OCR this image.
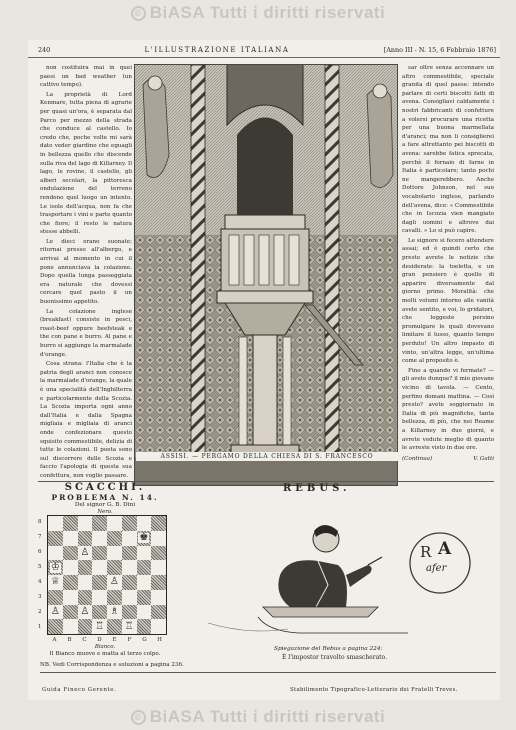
© BiASA Tutti i diritti riservati
240	L'ILLUSTRAZIONE ITALIANA	[Anno III - N. 15, 6 Febbraio 1876]

non costituira mai in quei paesi un bad weather (un cattivo tempo).

La proprietà di Lord Kenmare, tutta piena di agrarie per quasi un'ora, è separata dal Parco per mezzo della strada che conduce al castello. Io credo che, poche volte mi sarà dato veder giardino che eguagli in bellezza quello che discende sulla riva del lago di Killarney. Il lago, le rovine, il castello, gli alberi secolari, la pittoresca ondulazione del terreno rendono quel luogo un intento. Le isole dell'acqua, non fa che trasportare i vini e parte quanto che fiore; il resto le natura stesse abbelli.

Le dieci erano suonate; ritornai presso all'albergo, e arrivai al momento in cui il pone annunciava la colazione. Dopo quella lunga passeggiata era naturale che dovessi cercare quel pasto il un buonissimo appetito.

La colazione inglese (breakfast) consiste in pesci, roast-beef oppure beefsteak e the con pane e burro. Al pane e burro si aggiunge la marmalade d'orange.

Cosa strana: l'Italia che è la patria degli aranci non conosce la marmalade d'orange, la quale è una specialità dell'Inghilterra e particolarmente della Scozia. La Scozia importa ogni anno dall'Italia e dalla Spagna migliaia e migliaia di aranci onde confezionare questo squisito commestibile, delizia di tutte le colazioni. Il poeta sono sul discorrere delle Scozia e faccio l'apologia di questa sua confettura, non voglio passare.

ASSISI. — PERGAMO DELLA CHIESA DI S. FRANCESCO

sar oltre senza accennare un altro commestibile, speciale granita di quel paese: intendo parlare di certi biscotti fatti di avena. Consigliavi caldamente i nostri fabbricanti di confetture a volersi procurare una ricetta per una buona marmellata d'aranci; ma non li consiglierei a fare altrettanto pei biscotti di avena: sarebbe fatica sprecata, perchè il fornaio di farne in Italia è particolare; tanto pochi ne mangerebbero. Anche Dottore Johnson, nel suo vocabolario inglese, parlando dell'avena, dice: « Commestibile che in Iscozia vien mangiato dagli uomini e altrove dai cavalli. » Lo si può capire.

Le signore si fecero attendere assai; ed è quindi certo che presto avrete le notizie che desiderate: la toeletta, e un gran pensiero è quello di apparire diversamente dal giorno primo. Moralità: che molti volumi intorno alle vanità avete sentito, e voi, lo gridatori, che leggeste persino promulgare le quali dovevano limitare il lusso, quanto tempo perduto! Un altro impasto di vinto, un'altra legge, un'ultima come al proposito è.

Fino a quando vi fermate? — gli avete dunque? il mio giovane vicino di tavola. — Cento, perfino domani mattina. — Così presto? avete soggiornato in Italia di più magnifiche, tanta bellezza, di più, che nei Reame a Killarney in due giorni, e avrete vedute meglio di quanto le avreste visto in due ore.

(Continua)	V. Gatti
SCACCHI.
PROBLEMA N. 14.
Del signor G. B. Dini
Nero.
8
7
6
5
4
3
2
1
♚
♙
♔
♕	♙
♙ ♙ ♗
♖ ♖
A	B	C	D	E	F	G	H
Bianco.
Il Bianco muove e matta al terzo colpo.
NB. Vedi Corrispondenza e soluzioni a pagina 236.
REBUS.
R A
afer
Spiegazione del Rebus a pagina 224:
È l'impostor travolto smascherato.
Guida Fineco Gerente.	Stabilimento Tipografico-Letterario dei Fratelli Treves.
© BiASA Tutti i diritti riservati
